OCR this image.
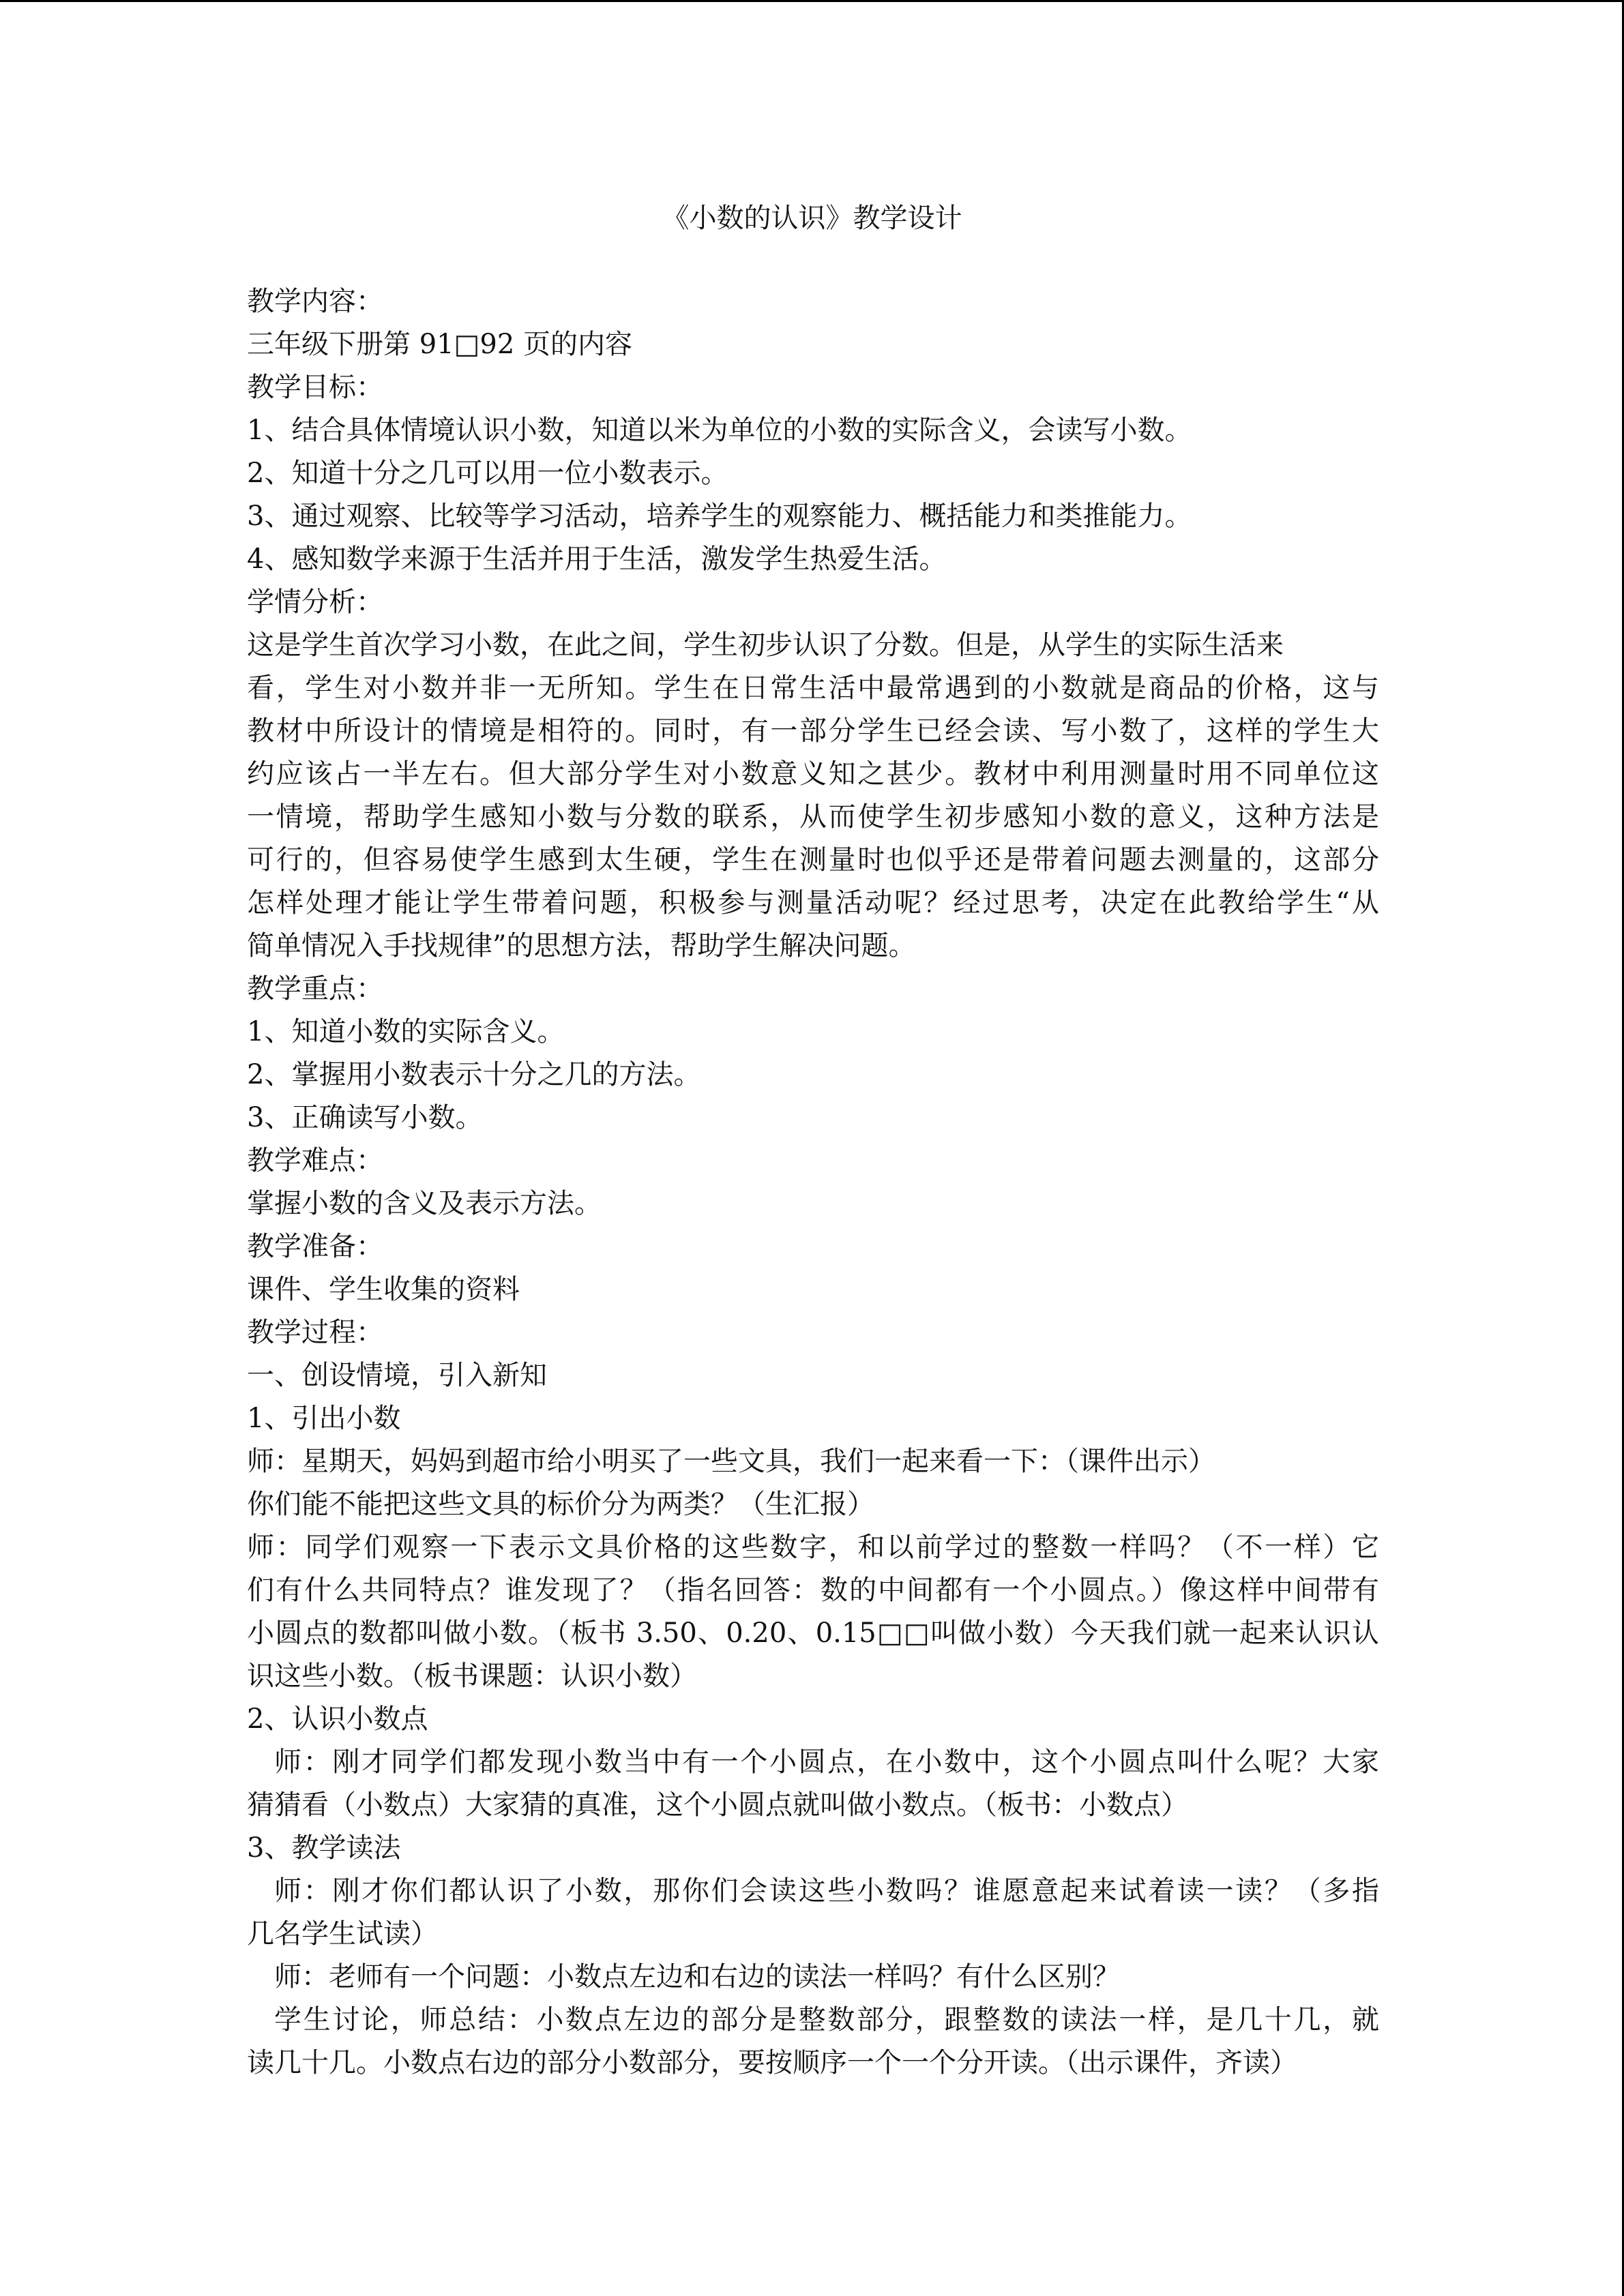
《小数的认识》教学设计
教学内容：
三年级下册第 91□92 页的内容
教学目标：
1、结合具体情境认识小数，知道以米为单位的小数的实际含义，会读写小数。
2、知道十分之几可以用一位小数表示。
3、通过观察、比较等学习活动，培养学生的观察能力、概括能力和类推能力。
4、感知数学来源于生活并用于生活，激发学生热爱生活。
学情分析：
这是学生首次学习小数，在此之间，学生初步认识了分数。但是，从学生的实际生活来
看，学生对小数并非一无所知。学生在日常生活中最常遇到的小数就是商品的价格，这与
教材中所设计的情境是相符的。同时，有一部分学生已经会读、写小数了，这样的学生大
约应该占一半左右。但大部分学生对小数意义知之甚少。教材中利用测量时用不同单位这
一情境，帮助学生感知小数与分数的联系，从而使学生初步感知小数的意义，这种方法是
可行的，但容易使学生感到太生硬，学生在测量时也似乎还是带着问题去测量的，这部分
怎样处理才能让学生带着问题，积极参与测量活动呢？经过思考，决定在此教给学生“从
简单情况入手找规律”的思想方法，帮助学生解决问题。
教学重点：
1、知道小数的实际含义。
2、掌握用小数表示十分之几的方法。
3、正确读写小数。
教学难点：
掌握小数的含义及表示方法。
教学准备：
课件、学生收集的资料
教学过程：
一、创设情境，引入新知
1、引出小数
师：星期天，妈妈到超市给小明买了一些文具，我们一起来看一下：（课件出示）
你们能不能把这些文具的标价分为两类？（生汇报）
师：同学们观察一下表示文具价格的这些数字，和以前学过的整数一样吗？（不一样）它
们有什么共同特点？谁发现了？（指名回答：数的中间都有一个小圆点。）像这样中间带有
小圆点的数都叫做小数。（板书 3.50、0.20、0.15□□叫做小数）今天我们就一起来认识认
识这些小数。（板书课题：认识小数）
2、认识小数点
师：刚才同学们都发现小数当中有一个小圆点，在小数中，这个小圆点叫什么呢？大家
猜猜看（小数点）大家猜的真准，这个小圆点就叫做小数点。（板书：小数点）
3、教学读法
师：刚才你们都认识了小数，那你们会读这些小数吗？谁愿意起来试着读一读？（多指
几名学生试读）
师：老师有一个问题：小数点左边和右边的读法一样吗？有什么区别？
学生讨论，师总结：小数点左边的部分是整数部分，跟整数的读法一样，是几十几，就
读几十几。小数点右边的部分小数部分，要按顺序一个一个分开读。（出示课件，齐读）
